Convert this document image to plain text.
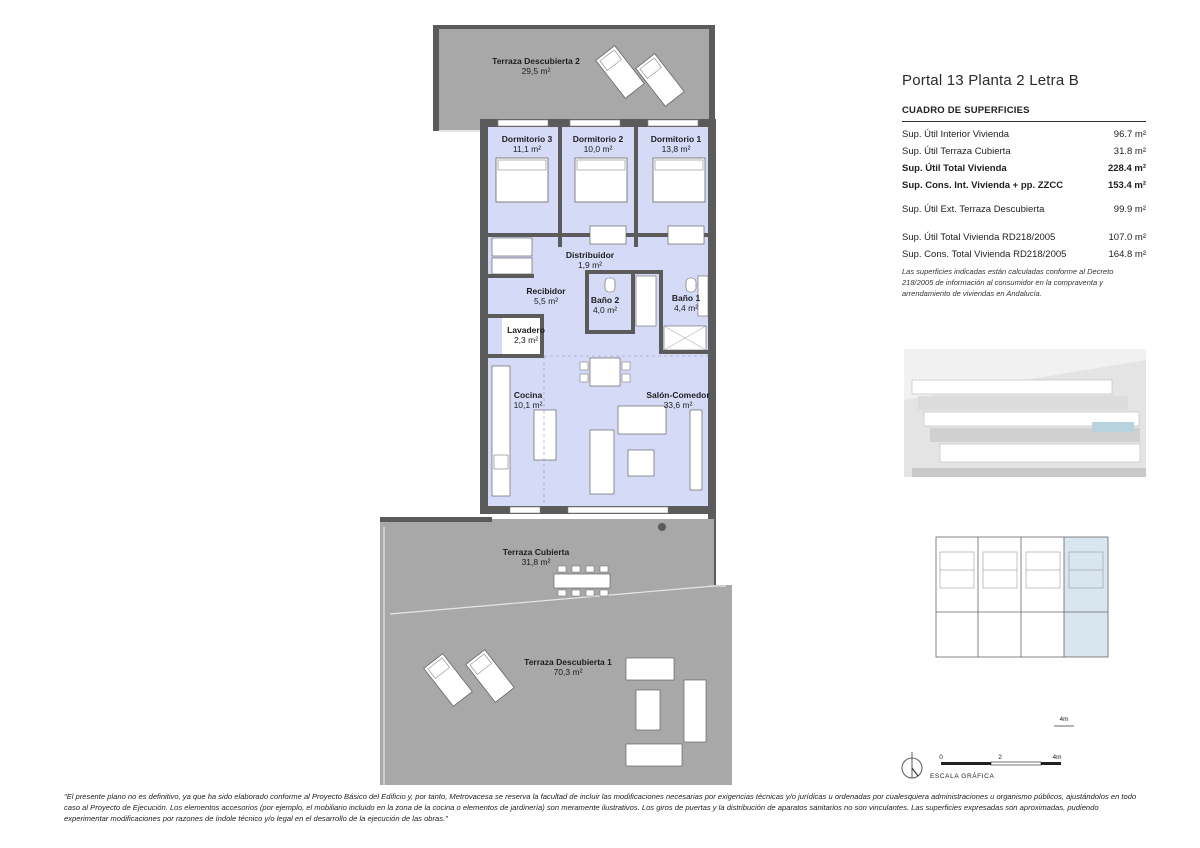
Terraza Descubierta 2
29,5 m²
Dormitorio 3
11,1 m²
Dormitorio 2
10,0 m²
Dormitorio 1
13,8 m²
Distribuidor
1,9 m²
Recibidor
5,5 m²	Baño 2
4,0 m²
Baño 1
4,4 m²
Lavadero
2,3 m²
Cocina
10,1 m²
Salón-Comedor
33,6 m²
Terraza Cubierta
31,8 m²
Terraza Descubierta 1
70,3 m²
4m
0	2	4m
ESCALA GRÁFICA
Portal 13 Planta 2 Letra B
CUADRO DE SUPERFICIES
Sup. Útil Interior Vivienda	96.7 m²
Sup. Útil Terraza Cubierta	31.8 m²
Sup. Útil Total Vivienda	228.4 m²
Sup. Cons. Int. Vivienda + pp. ZZCC	153.4 m²
Sup. Útil Ext. Terraza Descubierta	99.9 m²
Sup. Útil Total Vivienda RD218/2005	107.0 m²
Sup. Cons. Total Vivienda RD218/2005	164.8 m²
Las superficies indicadas están calculadas conforme al Decreto 218/2005 de información al consumidor en la compraventa y arrendamiento de viviendas en Andalucía.
"El presente plano no es definitivo, ya que ha sido elaborado conforme al Proyecto Básico del Edificio y, por tanto, Metrovacesa se reserva la facultad de incluir las modificaciones necesarias por exigencias técnicas y/o jurídicas u ordenadas por cualesquiera administraciones u organismo públicos, ajustándolos en todo caso al Proyecto de Ejecución. Los elementos accesorios (por ejemplo, el mobiliario incluido en la zona de la cocina o elementos de jardinería) son meramente ilustrativos. Los giros de puertas y la distribución de aparatos sanitarios no son vinculantes. Las superficies expresadas son aproximadas, pudiendo experimentar modificaciones por razones de índole técnico y/o legal en el desarrollo de la ejecución de las obras."
